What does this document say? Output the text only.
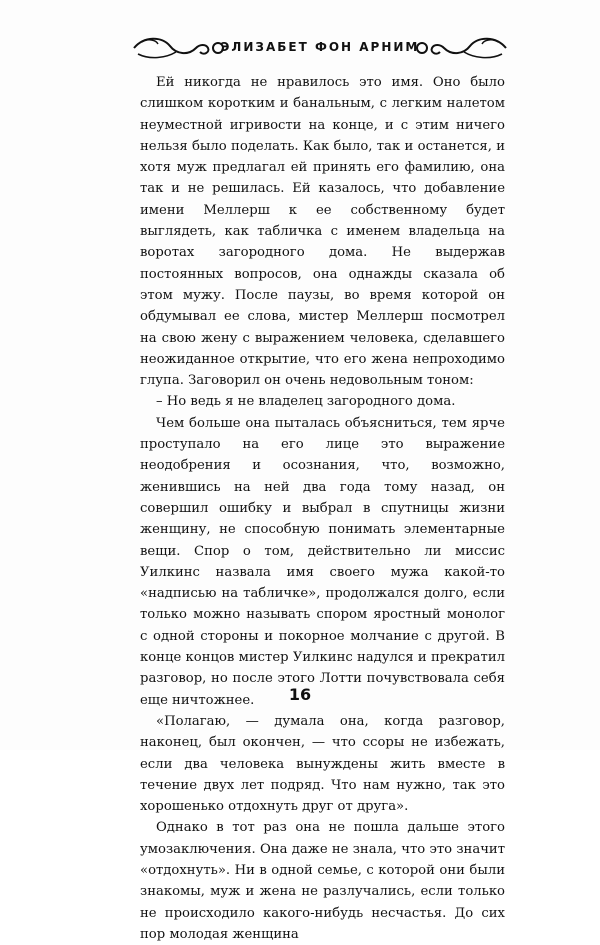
ЭЛИЗАБЕТ ФОН АРНИМ

Ей никогда не нравилось это имя. Оно было слишком коротким и банальным, с легким налетом неуместной игривости на конце, и с этим ничего нельзя было поделать. Как было, так и останется, и хотя муж предлагал ей принять его фамилию, она так и не решилась. Ей казалось, что добавление имени Меллерш к ее собственному будет выглядеть, как табличка с именем владельца на воротах загородного дома. Не выдержав постоянных вопросов, она однажды сказала об этом мужу. После паузы, во время которой он обдумывал ее слова, мистер Меллерш посмотрел на свою жену с выражением человека, сделавшего неожиданное открытие, что его жена непроходимо глупа. Заговорил он очень недовольным тоном:

– Но ведь я не владелец загородного дома.

Чем больше она пыталась объясниться, тем ярче проступало на его лице это выражение неодобрения и осознания, что, возможно, женившись на ней два года тому назад, он совершил ошибку и выбрал в спутницы жизни женщину, не способную понимать элементарные вещи. Спор о том, действительно ли миссис Уилкинс назвала имя своего мужа какой-то «надписью на табличке», продолжался долго, если только можно называть спором яростный монолог с одной стороны и покорное молчание с другой. В конце концов мистер Уилкинс надулся и прекратил разговор, но после этого Лотти почувствовала себя еще ничтожнее.

«Полагаю, — думала она, когда разговор, наконец, был окончен, — что ссоры не избежать, если два человека вынуждены жить вместе в течение двух лет подряд. Что нам нужно, так это хорошенько отдохнуть друг от друга».

Однако в тот раз она не пошла дальше этого умозаключения. Она даже не знала, что это значит «отдохнуть». Ни в одной семье, с которой они были знакомы, муж и жена не разлучались, если только не происходило какого-нибудь несчастья. До сих пор молодая женщина

16
